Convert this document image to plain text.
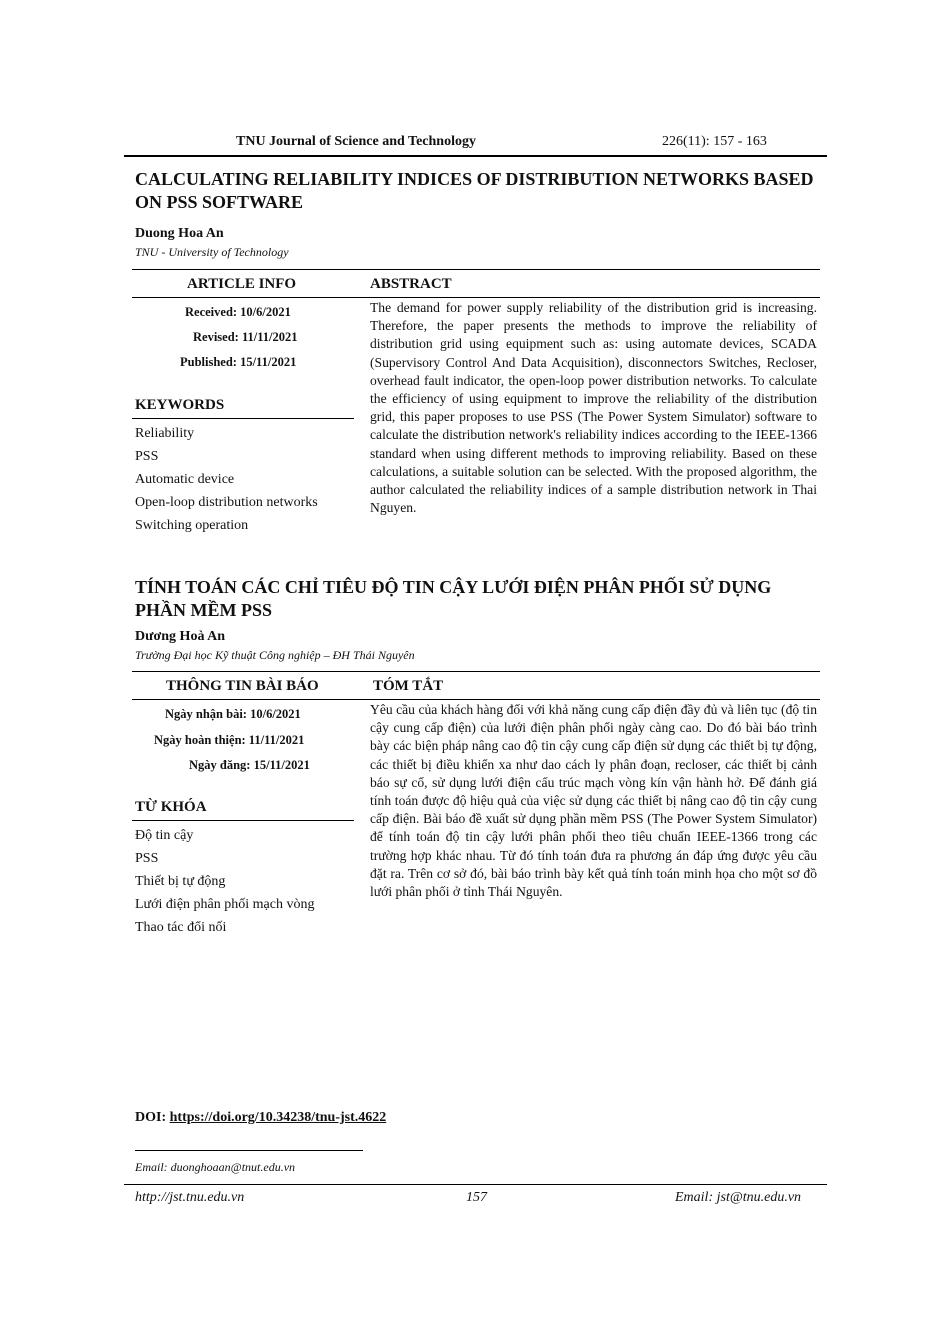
TNU Journal of Science and Technology	226(11): 157 - 163
CALCULATING RELIABILITY INDICES OF DISTRIBUTION NETWORKS BASED ON PSS SOFTWARE
Duong Hoa An
TNU - University of Technology
ARTICLE INFO	ABSTRACT
Received: 10/6/2021
Revised: 11/11/2021
Published: 15/11/2021
KEYWORDS
Reliability
PSS
Automatic device
Open-loop distribution networks
Switching operation

The demand for power supply reliability of the distribution grid is increasing. Therefore, the paper presents the methods to improve the reliability of distribution grid using equipment such as: using automate devices, SCADA (Supervisory Control And Data Acquisition), disconnectors Switches, Recloser, overhead fault indicator, the open-loop power distribution networks. To calculate the efficiency of using equipment to improve the reliability of the distribution grid, this paper proposes to use PSS (The Power System Simulator) software to calculate the distribution network's reliability indices according to the IEEE-1366 standard when using different methods to improving reliability. Based on these calculations, a suitable solution can be selected. With the proposed algorithm, the author calculated the reliability indices of a sample distribution network in Thai Nguyen.

TÍNH TOÁN CÁC CHỈ TIÊU ĐỘ TIN CẬY LƯỚI ĐIỆN PHÂN PHỐI SỬ DỤNG PHẦN MỀM PSS
Dương Hoà An
Trường Đại học Kỹ thuật Công nghiệp – ĐH Thái Nguyên
THÔNG TIN BÀI BÁO	TÓM TẮT
Ngày nhận bài: 10/6/2021
Ngày hoàn thiện: 11/11/2021
Ngày đăng: 15/11/2021
TỪ KHÓA
Độ tin cậy
PSS
Thiết bị tự động
Lưới điện phân phối mạch vòng
Thao tác đổi nối

Yêu cầu của khách hàng đối với khả năng cung cấp điện đầy đủ và liên tục (độ tin cậy cung cấp điện) của lưới điện phân phối ngày càng cao. Do đó bài báo trình bày các biện pháp nâng cao độ tin cậy cung cấp điện sử dụng các thiết bị tự động, các thiết bị điều khiển xa như dao cách ly phân đoạn, recloser, các thiết bị cảnh báo sự cố, sử dụng lưới điện cấu trúc mạch vòng kín vận hành hở. Để đánh giá tính toán được độ hiệu quả của việc sử dụng các thiết bị nâng cao độ tin cậy cung cấp điện. Bài báo đề xuất sử dụng phần mềm PSS (The Power System Simulator) để tính toán độ tin cậy lưới phân phối theo tiêu chuẩn IEEE-1366 trong các trường hợp khác nhau. Từ đó tính toán đưa ra phương án đáp ứng được yêu cầu đặt ra. Trên cơ sở đó, bài báo trình bày kết quả tính toán minh họa cho một sơ đồ lưới phân phối ở tỉnh Thái Nguyên.

DOI: https://doi.org/10.34238/tnu-jst.4622
Email: duonghoaan@tnut.edu.vn
http://jst.tnu.edu.vn	157	Email: jst@tnu.edu.vn
